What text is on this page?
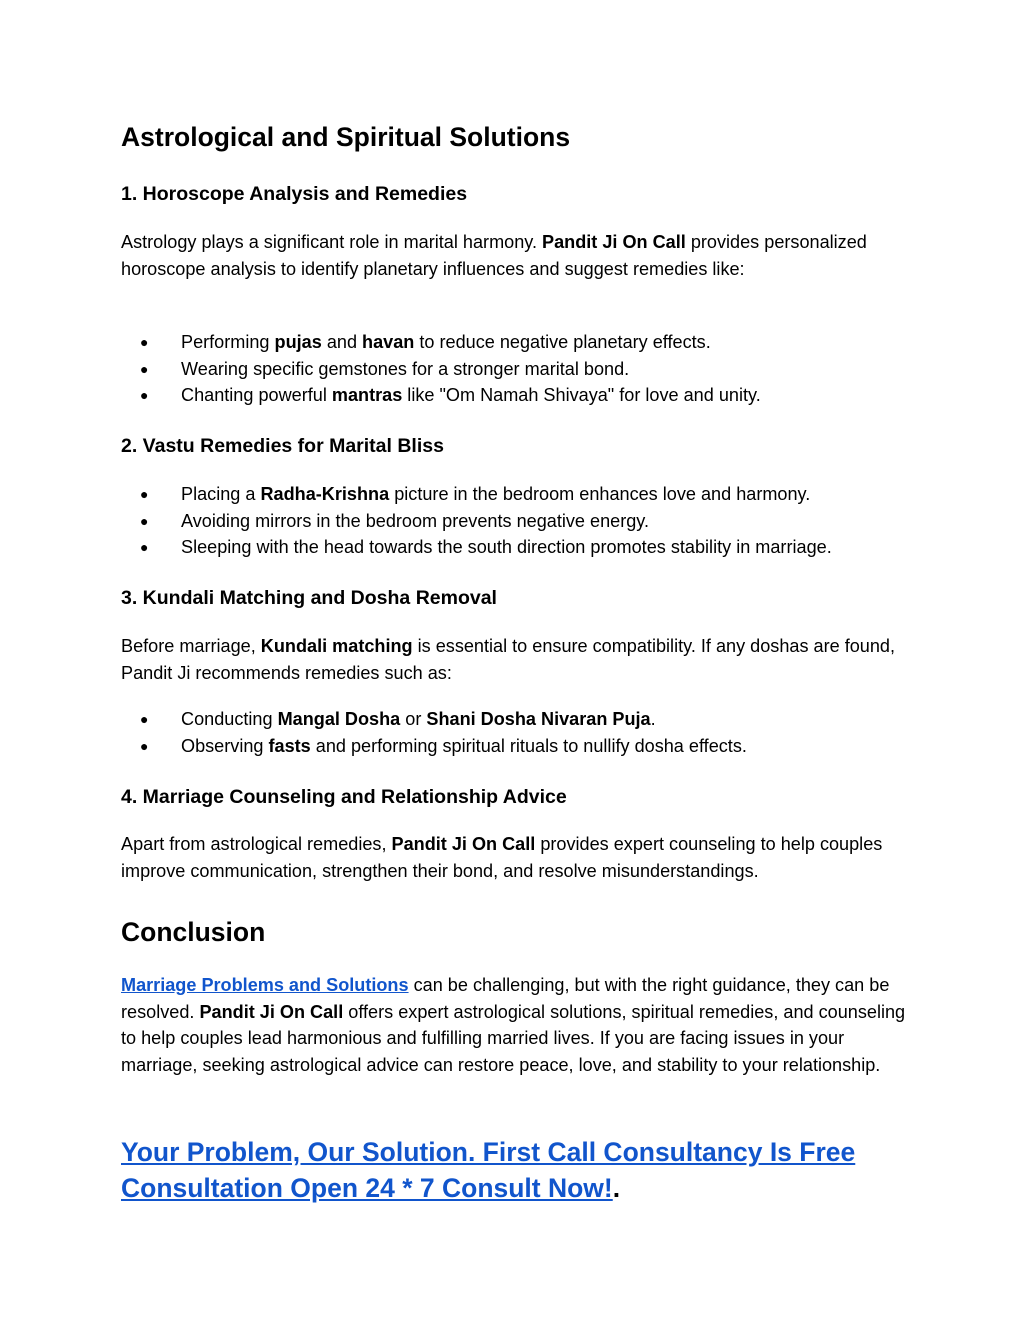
Astrological and Spiritual Solutions
1. Horoscope Analysis and Remedies

Astrology plays a significant role in marital harmony. Pandit Ji On Call provides personalized horoscope analysis to identify planetary influences and suggest remedies like:

● Performing pujas and havan to reduce negative planetary effects.
● Wearing specific gemstones for a stronger marital bond.
● Chanting powerful mantras like "Om Namah Shivaya" for love and unity.
2. Vastu Remedies for Marital Bliss
● Placing a Radha-Krishna picture in the bedroom enhances love and harmony.
● Avoiding mirrors in the bedroom prevents negative energy.
● Sleeping with the head towards the south direction promotes stability in marriage.
3. Kundali Matching and Dosha Removal

Before marriage, Kundali matching is essential to ensure compatibility. If any doshas are found, Pandit Ji recommends remedies such as:

● Conducting Mangal Dosha or Shani Dosha Nivaran Puja.
● Observing fasts and performing spiritual rituals to nullify dosha effects.
4. Marriage Counseling and Relationship Advice

Apart from astrological remedies, Pandit Ji On Call provides expert counseling to help couples improve communication, strengthen their bond, and resolve misunderstandings.

Conclusion

Marriage Problems and Solutions can be challenging, but with the right guidance, they can be resolved. Pandit Ji On Call offers expert astrological solutions, spiritual remedies, and counseling to help couples lead harmonious and fulfilling married lives. If you are facing issues in your marriage, seeking astrological advice can restore peace, love, and stability to your relationship.

Your Problem, Our Solution. First Call Consultancy Is Free Consultation Open 24 * 7 Consult Now!.
